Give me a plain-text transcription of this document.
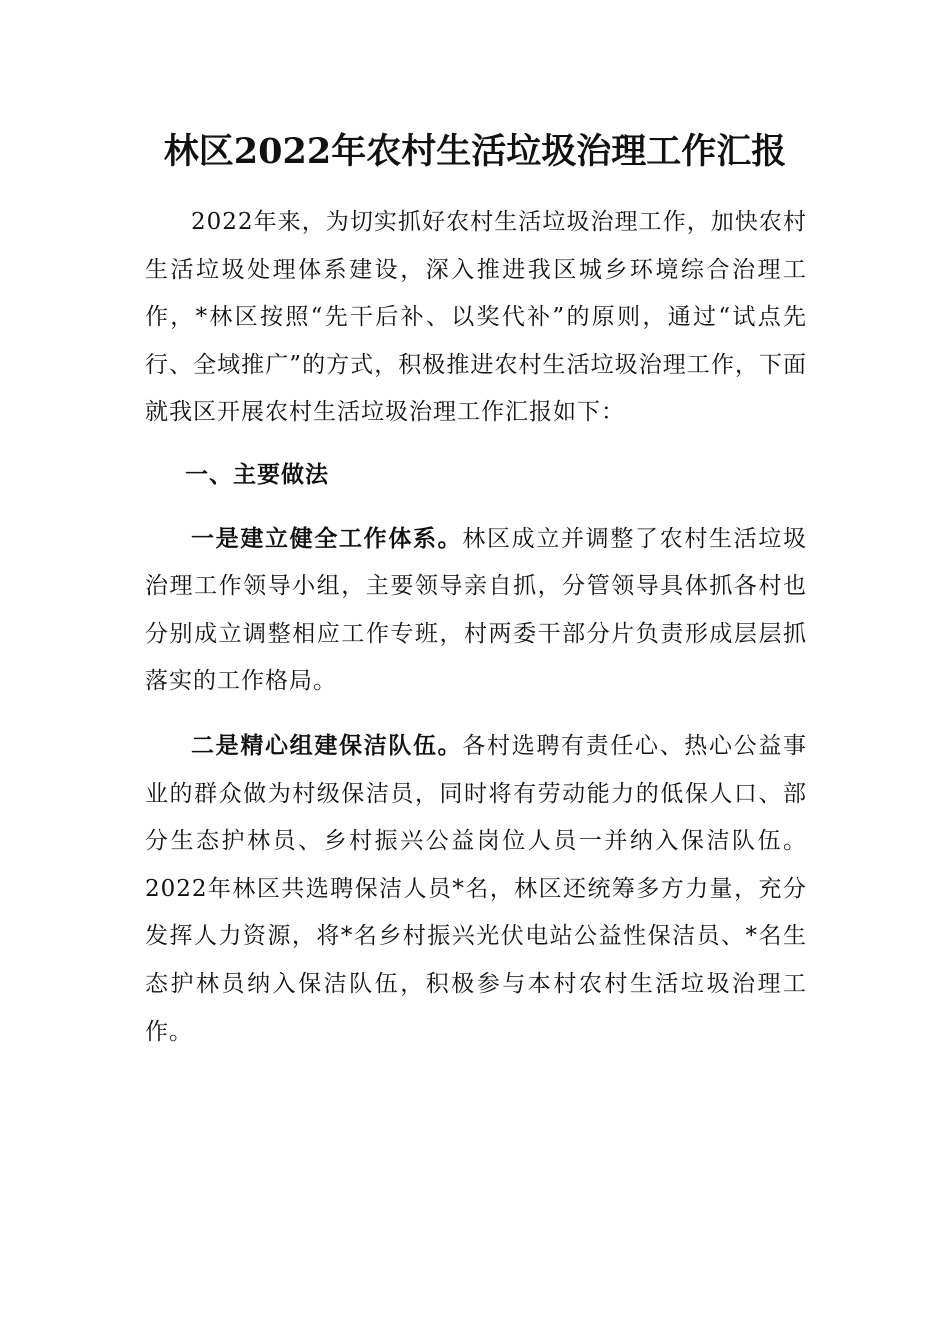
林区2022年农村生活垃圾治理工作汇报

2022年来，为切实抓好农村生活垃圾治理工作，加快农村生活垃圾处理体系建设，深入推进我区城乡环境综合治理工作，*林区按照“先干后补、以奖代补”的原则，通过“试点先行、全域推广”的方式，积极推进农村生活垃圾治理工作，下面就我区开展农村生活垃圾治理工作汇报如下：

一、主要做法

一是建立健全工作体系。林区成立并调整了农村生活垃圾治理工作领导小组，主要领导亲自抓，分管领导具体抓各村也分别成立调整相应工作专班，村两委干部分片负责形成层层抓落实的工作格局。

二是精心组建保洁队伍。各村选聘有责任心、热心公益事业的群众做为村级保洁员，同时将有劳动能力的低保人口、部分生态护林员、乡村振兴公益岗位人员一并纳入保洁队伍。2022年林区共选聘保洁人员*名，林区还统筹多方力量，充分发挥人力资源，将*名乡村振兴光伏电站公益性保洁员、*名生态护林员纳入保洁队伍，积极参与本村农村生活垃圾治理工作。
